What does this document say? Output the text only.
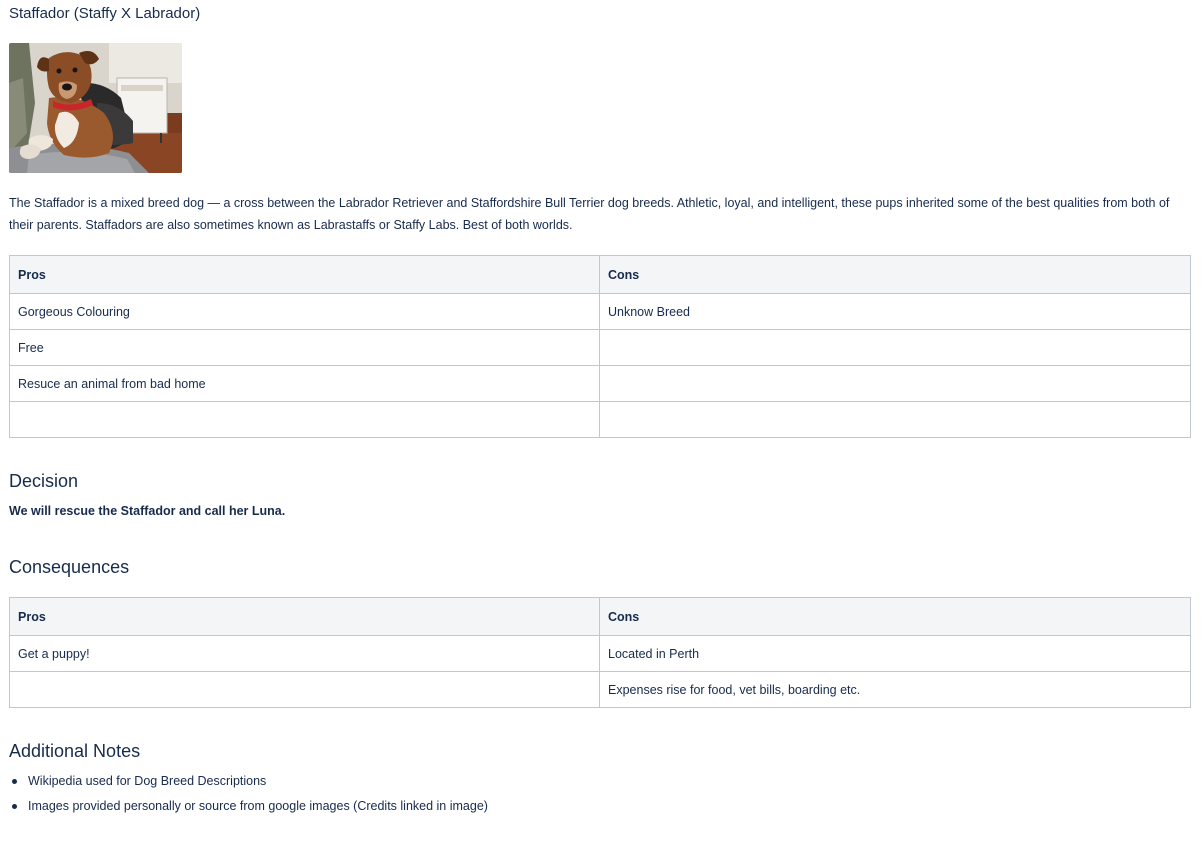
Staffador (Staffy X Labrador)
The Staffador is a mixed breed dog — a cross between the Labrador Retriever and Staffordshire Bull Terrier dog breeds. Athletic, loyal, and intelligent, these pups inherited some of the best qualities from both of their parents. Staffadors are also sometimes known as Labrastaffs or Staffy Labs. Best of both worlds.
Pros	Cons
Gorgeous Colouring	Unknow Breed
Free	
Resuce an animal from bad home	

Decision
We will rescue the Staffador and call her Luna.
Consequences
Pros	Cons
Get a puppy!	Located in Perth
	Expenses rise for food, vet bills, boarding etc.
Additional Notes
Wikipedia used for Dog Breed Descriptions
Images provided personally or source from google images (Credits linked in image)
